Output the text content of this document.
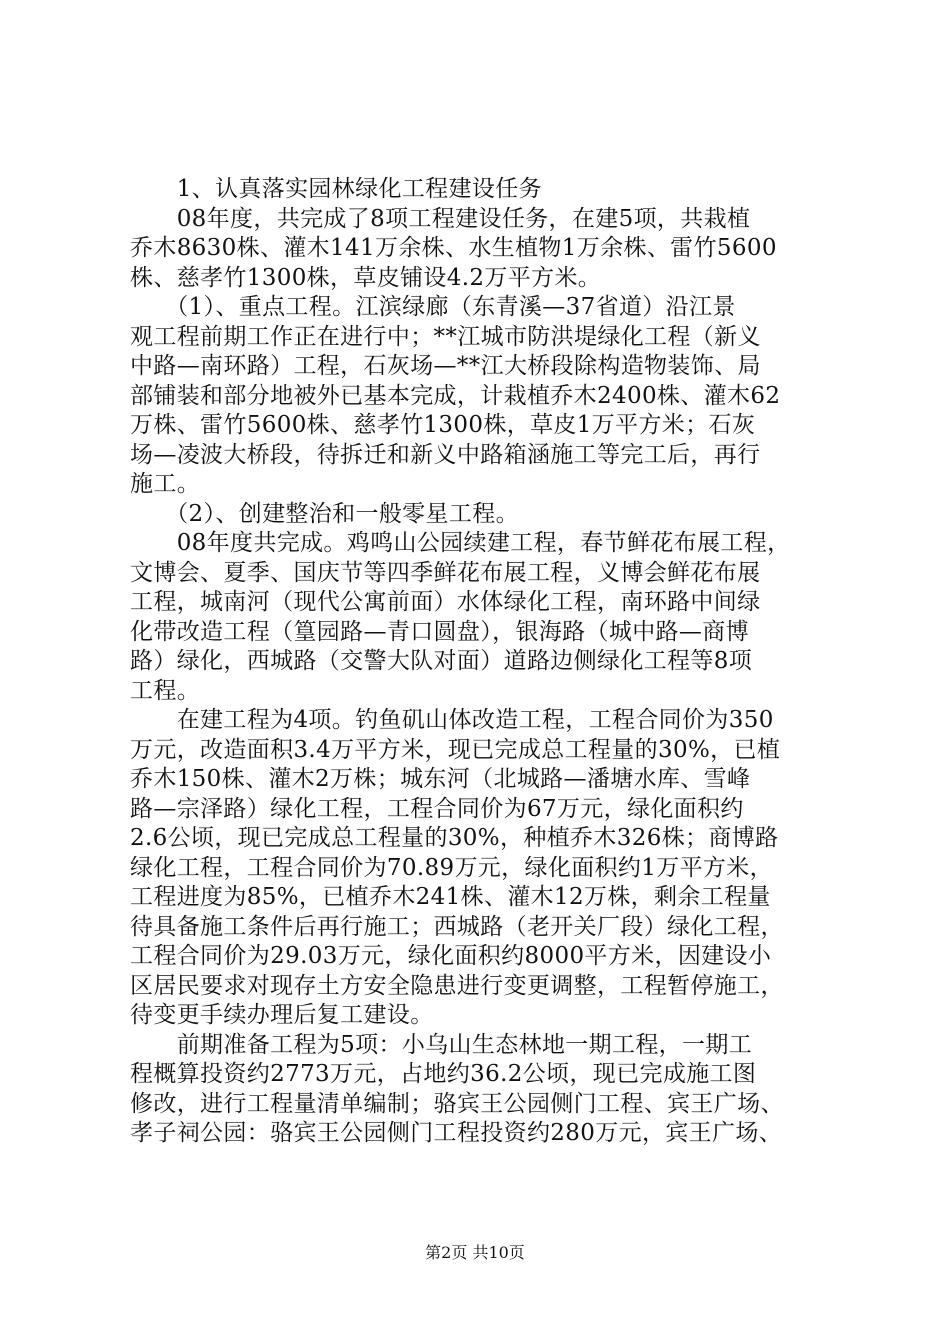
　　1、认真落实园林绿化工程建设任务
　　08年度，共完成了8项工程建设任务，在建5项，共栽植
乔木8630株、灌木141万余株、水生植物1万余株、雷竹5600
株、慈孝竹1300株，草皮铺设4.2万平方米。
　　（1）、重点工程。江滨绿廊（东青溪—37省道）沿江景
观工程前期工作正在进行中；**江城市防洪堤绿化工程（新义
中路—南环路）工程，石灰场—**江大桥段除构造物装饰、局
部铺装和部分地被外已基本完成，计栽植乔木2400株、灌木62
万株、雷竹5600株、慈孝竹1300株，草皮1万平方米；石灰
场—凌波大桥段，待拆迁和新义中路箱涵施工等完工后，再行
施工。
　　（2）、创建整治和一般零星工程。
　　08年度共完成。鸡鸣山公园续建工程，春节鲜花布展工程，
文博会、夏季、国庆节等四季鲜花布展工程，义博会鲜花布展
工程，城南河（现代公寓前面）水体绿化工程，南环路中间绿
化带改造工程（篁园路—青口圆盘），银海路（城中路—商博
路）绿化，西城路（交警大队对面）道路边侧绿化工程等8项
工程。
　　在建工程为4项。钓鱼矶山体改造工程，工程合同价为350
万元，改造面积3.4万平方米，现已完成总工程量的30%，已植
乔木150株、灌木2万株；城东河（北城路—潘塘水库、雪峰
路—宗泽路）绿化工程，工程合同价为67万元，绿化面积约
2.6公顷，现已完成总工程量的30%，种植乔木326株；商博路
绿化工程，工程合同价为70.89万元，绿化面积约1万平方米，
工程进度为85%，已植乔木241株、灌木12万株，剩余工程量
待具备施工条件后再行施工；西城路（老开关厂段）绿化工程，
工程合同价为29.03万元，绿化面积约8000平方米，因建设小
区居民要求对现存土方安全隐患进行变更调整，工程暂停施工，
待变更手续办理后复工建设。
　　前期准备工程为5项：小乌山生态林地一期工程，一期工
程概算投资约2773万元，占地约36.2公顷，现已完成施工图
修改，进行工程量清单编制；骆宾王公园侧门工程、宾王广场、
孝子祠公园：骆宾王公园侧门工程投资约280万元，宾王广场、
第2页 共10页
